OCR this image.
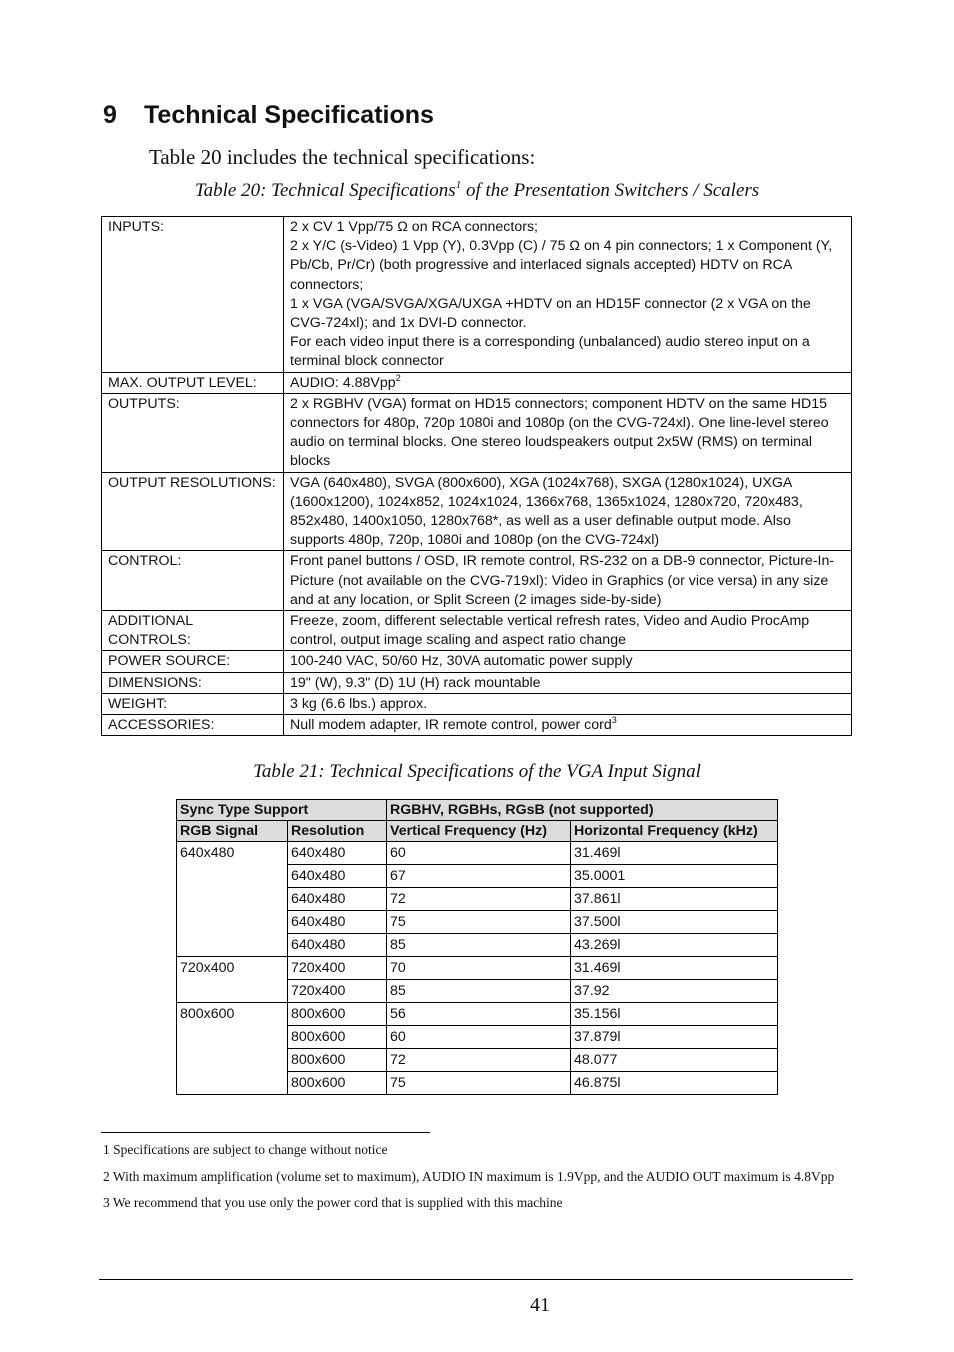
9 Technical Specifications
Table 20 includes the technical specifications:
Table 20: Technical Specifications$^1$ of the Presentation Switchers / Scalers
INPUTS:	2 x CV 1 Vpp/75 Ω on RCA connectors;
2 x Y/C (s-Video) 1 Vpp (Y), 0.3Vpp (C) / 75 Ω on 4 pin connectors; 1 x Component (Y, Pb/Cb, Pr/Cr) (both progressive and interlaced signals accepted) HDTV on RCA connectors;
1 x VGA (VGA/SVGA/XGA/UXGA +HDTV on an HD15F connector (2 x VGA on the CVG-724xl); and 1x DVI-D connector.
For each video input there is a corresponding (unbalanced) audio stereo input on a terminal block connector

MAX. OUTPUT LEVEL:	AUDIO: 4.88Vpp$^2$
OUTPUTS:	2 x RGBHV (VGA) format on HD15 connectors; component HDTV on the same HD15 connectors for 480p, 720p 1080i and 1080p (on the CVG-724xl). One line-level stereo audio on terminal blocks. One stereo loudspeakers output 2x5W (RMS) on terminal blocks
OUTPUT RESOLUTIONS:	VGA (640x480), SVGA (800x600), XGA (1024x768), SXGA (1280x1024), UXGA (1600x1200), 1024x852, 1024x1024, 1366x768, 1365x1024, 1280x720, 720x483, 852x480, 1400x1050, 1280x768*, as well as a user definable output mode. Also supports 480p, 720p, 1080i and 1080p (on the CVG-724xl)
CONTROL:	Front panel buttons / OSD, IR remote control, RS-232 on a DB-9 connector, Picture-In-Picture (not available on the CVG-719xl): Video in Graphics (or vice versa) in any size and at any location, or Split Screen (2 images side-by-side)
ADDITIONAL CONTROLS:	Freeze, zoom, different selectable vertical refresh rates, Video and Audio ProcAmp control, output image scaling and aspect ratio change
POWER SOURCE:	100-240 VAC, 50/60 Hz, 30VA automatic power supply
DIMENSIONS:	19" (W), 9.3" (D) 1U (H) rack mountable
WEIGHT:	3 kg (6.6 lbs.) approx.
ACCESSORIES:	Null modem adapter, IR remote control, power cord$^3$
Table 21: Technical Specifications of the VGA Input Signal
Sync Type Support		RGBHV, RGBHs, RGsB (not supported)	
RGB Signal	Resolution	Vertical Frequency (Hz)	Horizontal Frequency (kHz)
640x480	640x480	60	31.469l
	640x480	67	35.0001
	640x480	72	37.861l
	640x480	75	37.500l
	640x480	85	43.269l
720x400	720x400	70	31.469l
	720x400	85	37.92
800x600	800x600	56	35.156l
	800x600	60	37.879l
	800x600	72	48.077
	800x600	75	46.875l

1 Specifications are subject to change without notice

2 With maximum amplification (volume set to maximum), AUDIO IN maximum is 1.9Vpp, and the AUDIO OUT maximum is 4.8Vpp

3 We recommend that you use only the power cord that is supplied with this machine

41
